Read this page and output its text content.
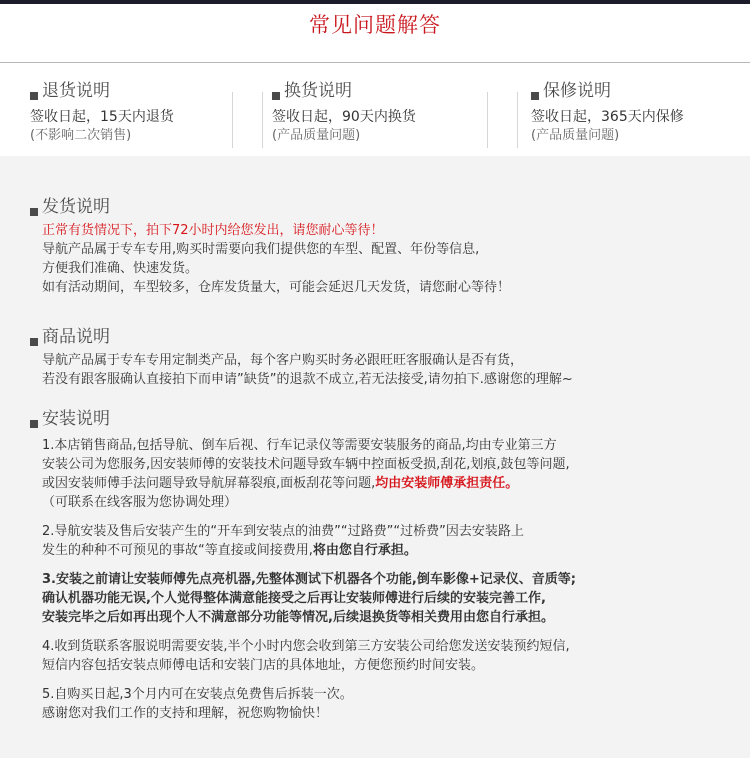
常见问题解答
退货说明
签收日起，15天内退货
(不影响二次销售)
换货说明
签收日起，90天内换货
(产品质量问题)
保修说明
签收日起，365天内保修
(产品质量问题)
发货说明
正常有货情况下，拍下72小时内给您发出，请您耐心等待！
导航产品属于专车专用,购买时需要向我们提供您的车型、配置、年份等信息,
方便我们准确、快速发货。
如有活动期间，车型较多，仓库发货量大，可能会延迟几天发货，请您耐心等待！
商品说明
导航产品属于专车专用定制类产品，每个客户购买时务必跟旺旺客服确认是否有货，
若没有跟客服确认直接拍下而申请”缺货”的退款不成立,若无法接受,请勿拍下.感谢您的理解~
安装说明
1.本店销售商品,包括导航、倒车后视、行车记录仪等需要安装服务的商品,均由专业第三方
安装公司为您服务,因安装师傅的安装技术问题导致车辆中控面板受损,刮花,划痕,鼓包等问题,
或因安装师傅手法问题导致导航屏幕裂痕,面板刮花等问题,均由安装师傅承担责任。
（可联系在线客服为您协调处理）
2.导航安装及售后安装产生的“开车到安装点的油费”“过路费”“过桥费”因去安装路上
发生的种种不可预见的事故“等直接或间接费用,将由您自行承担。
3.安装之前请让安装师傅先点亮机器,先整体测试下机器各个功能,倒车影像+记录仪、音质等;
确认机器功能无误,个人觉得整体满意能接受之后再让安装师傅进行后续的安装完善工作,
安装完毕之后如再出现个人不满意部分功能等情况,后续退换货等相关费用由您自行承担。
4.收到货联系客服说明需要安装,半个小时内您会收到第三方安装公司给您发送安装预约短信,
短信内容包括安装点师傅电话和安装门店的具体地址，方便您预约时间安装。
5.自购买日起,3个月内可在安装点免费售后拆装一次。
感谢您对我们工作的支持和理解，祝您购物愉快！
